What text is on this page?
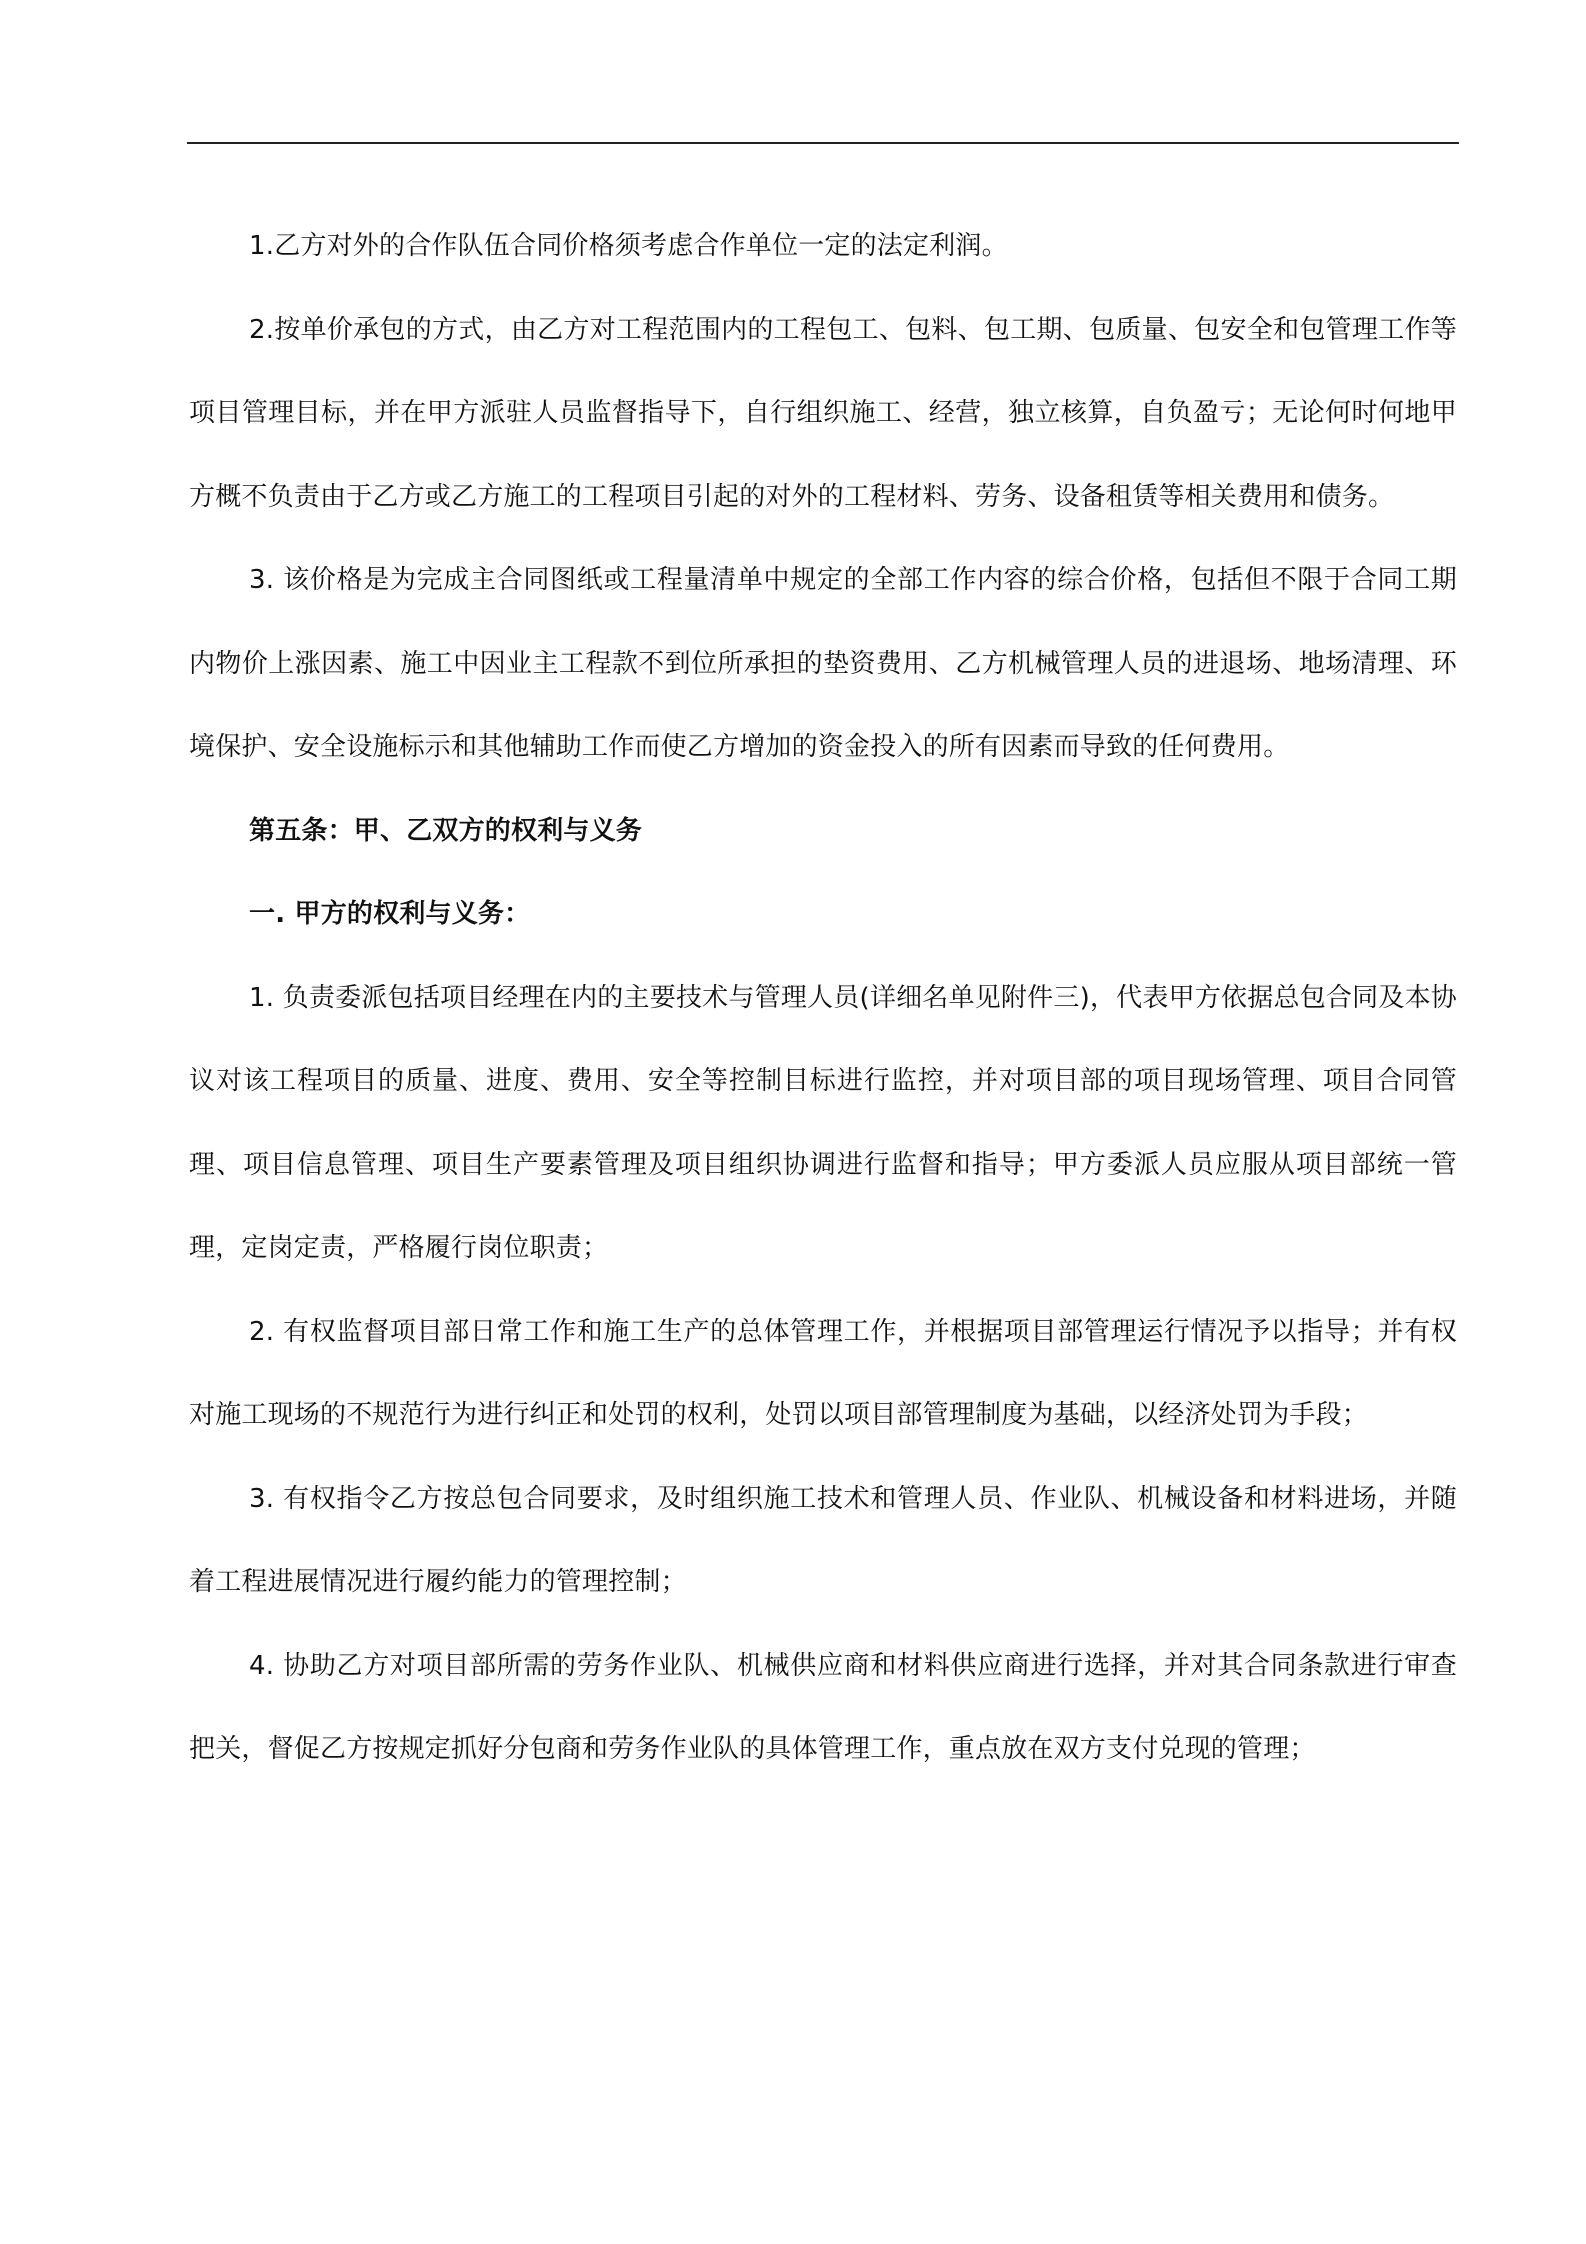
1.乙方对外的合作队伍合同价格须考虑合作单位一定的法定利润。

2.按单价承包的方式，由乙方对工程范围内的工程包工、包料、包工期、包质量、包安全和包管理工作等项目管理目标，并在甲方派驻人员监督指导下，自行组织施工、经营，独立核算，自负盈亏；无论何时何地甲方概不负责由于乙方或乙方施工的工程项目引起的对外的工程材料、劳务、设备租赁等相关费用和债务。

3. 该价格是为完成主合同图纸或工程量清单中规定的全部工作内容的综合价格，包括但不限于合同工期内物价上涨因素、施工中因业主工程款不到位所承担的垫资费用、乙方机械管理人员的进退场、地场清理、环境保护、安全设施标示和其他辅助工作而使乙方增加的资金投入的所有因素而导致的任何费用。

第五条：甲、乙双方的权利与义务

一. 甲方的权利与义务：

1. 负责委派包括项目经理在内的主要技术与管理人员(详细名单见附件三)，代表甲方依据总包合同及本协议对该工程项目的质量、进度、费用、安全等控制目标进行监控，并对项目部的项目现场管理、项目合同管理、项目信息管理、项目生产要素管理及项目组织协调进行监督和指导；甲方委派人员应服从项目部统一管理，定岗定责，严格履行岗位职责；

2. 有权监督项目部日常工作和施工生产的总体管理工作，并根据项目部管理运行情况予以指导；并有权对施工现场的不规范行为进行纠正和处罚的权利，处罚以项目部管理制度为基础，以经济处罚为手段；

3. 有权指令乙方按总包合同要求，及时组织施工技术和管理人员、作业队、机械设备和材料进场，并随着工程进展情况进行履约能力的管理控制；

4. 协助乙方对项目部所需的劳务作业队、机械供应商和材料供应商进行选择，并对其合同条款进行审查把关，督促乙方按规定抓好分包商和劳务作业队的具体管理工作，重点放在双方支付兑现的管理；
